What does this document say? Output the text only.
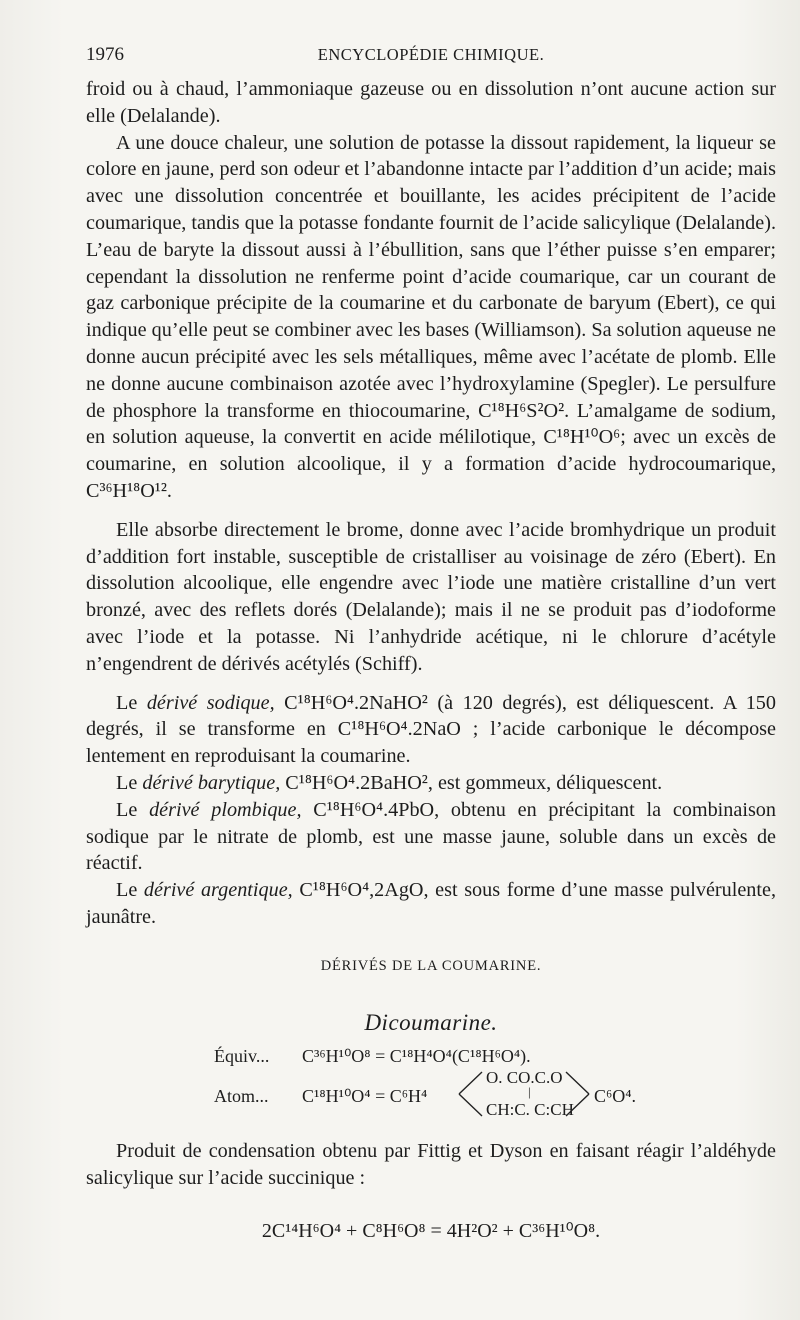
1976	ENCYCLOPÉDIE CHIMIQUE.

froid ou à chaud, l’ammoniaque gazeuse ou en dissolution n’ont aucune action sur elle (Delalande).

A une douce chaleur, une solution de potasse la dissout rapidement, la liqueur se colore en jaune, perd son odeur et l’abandonne intacte par l’addition d’un acide; mais avec une dissolution concentrée et bouillante, les acides précipitent de l’acide coumarique, tandis que la potasse fondante fournit de l’acide salicylique (Delalande). L’eau de baryte la dissout aussi à l’ébullition, sans que l’éther puisse s’en emparer; cependant la dissolution ne renferme point d’acide coumarique, car un courant de gaz carbonique précipite de la coumarine et du carbonate de baryum (Ebert), ce qui indique qu’elle peut se combiner avec les bases (Williamson). Sa solution aqueuse ne donne aucun précipité avec les sels métalliques, même avec l’acétate de plomb. Elle ne donne aucune combinaison azotée avec l’hydroxylamine (Spegler). Le persulfure de phosphore la transforme en thiocoumarine, C¹⁸H⁶S²O². L’amalgame de sodium, en solution aqueuse, la convertit en acide mélilotique, C¹⁸H¹⁰O⁶; avec un excès de coumarine, en solution alcoolique, il y a formation d’acide hydrocoumarique, C³⁶H¹⁸O¹².

Elle absorbe directement le brome, donne avec l’acide bromhydrique un produit d’addition fort instable, susceptible de cristalliser au voisinage de zéro (Ebert). En dissolution alcoolique, elle engendre avec l’iode une matière cristalline d’un vert bronzé, avec des reflets dorés (Delalande); mais il ne se produit pas d’iodoforme avec l’iode et la potasse. Ni l’anhydride acétique, ni le chlorure d’acétyle n’engendrent de dérivés acétylés (Schiff).

Le dérivé sodique, C¹⁸H⁶O⁴.2NaHO² (à 120 degrés), est déliquescent. A 150 degrés, il se transforme en C¹⁸H⁶O⁴.2NaO ; l’acide carbonique le décompose lentement en reproduisant la coumarine.

Le dérivé barytique, C¹⁸H⁶O⁴.2BaHO², est gommeux, déliquescent.

Le dérivé plombique, C¹⁸H⁶O⁴.4PbO, obtenu en précipitant la combinaison sodique par le nitrate de plomb, est une masse jaune, soluble dans un excès de réactif.

Le dérivé argentique, C¹⁸H⁶O⁴,2AgO, est sous forme d’une masse pulvérulente, jaunâtre.

DÉRIVÉS DE LA COUMARINE.
Dicoumarine.
Équiv... C³⁶H¹⁰O⁸ = C¹⁸H⁴O⁴(C¹⁸H⁶O⁴).
Atom... C¹⁸H¹⁰O⁴ = C⁶H⁴
O. CO.C.O
|
CH:C. C:CH
C⁶O⁴.

Produit de condensation obtenu par Fittig et Dyson en faisant réagir l’aldéhyde salicylique sur l’acide succinique :

2C¹⁴H⁶O⁴ + C⁸H⁶O⁸ = 4H²O² + C³⁶H¹⁰O⁸.
